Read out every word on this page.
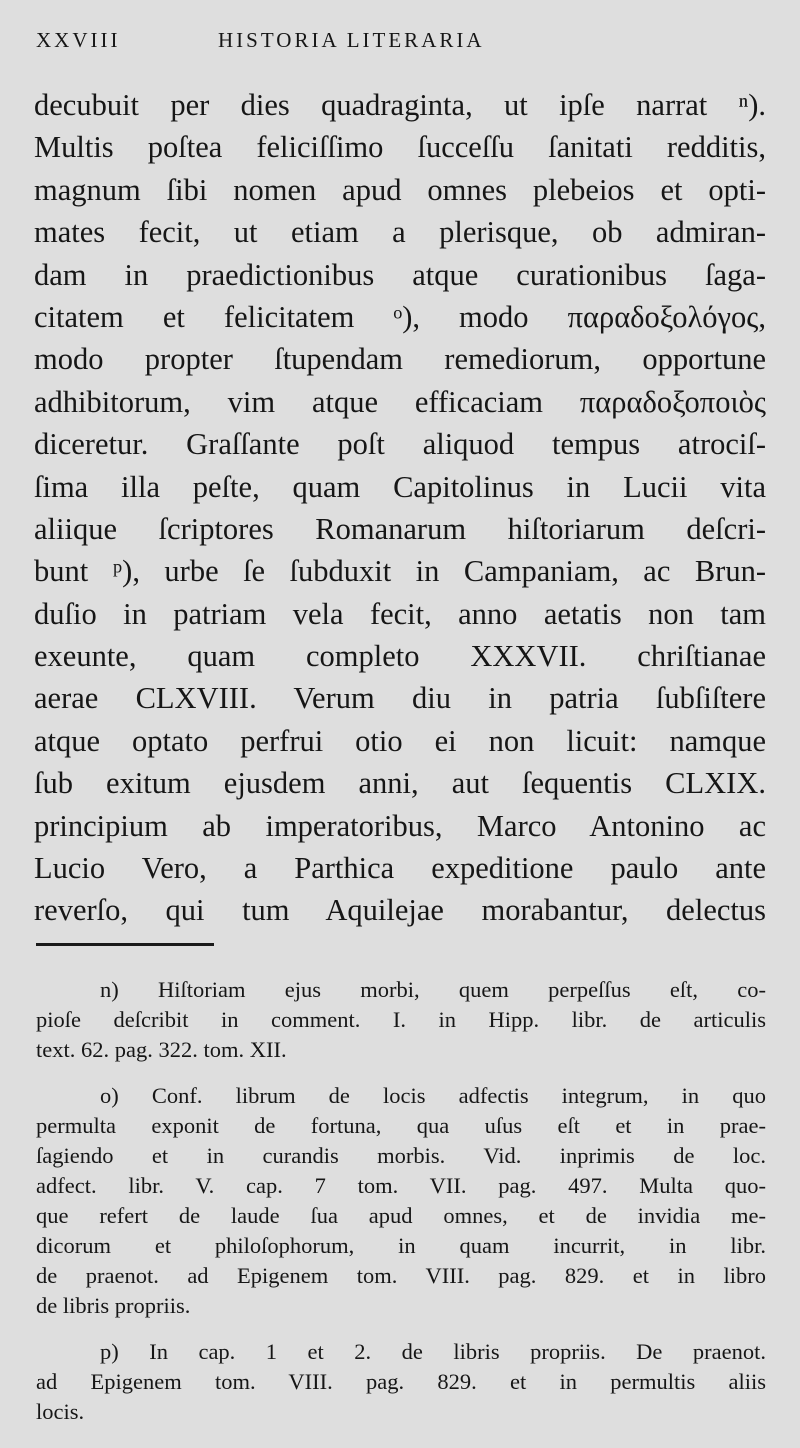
XXVIII	HISTORIA LITERARIA
decubuit per dies quadraginta, ut ipſe narrat ⁿ).
Multis poſtea feliciſſimo ſucceſſu ſanitati redditis,
magnum ſibi nomen apud omnes plebeios et opti-
mates fecit, ut etiam a plerisque, ob admiran-
dam in praedictionibus atque curationibus ſaga-
citatem et felicitatem ᵒ), modo παραδοξολόγος,
modo propter ſtupendam remediorum, opportune
adhibitorum, vim atque efficaciam παραδοξοποιὸς
diceretur. Graſſante poſt aliquod tempus atrociſ-
ſima illa peſte, quam Capitolinus in Lucii vita
aliique ſcriptores Romanarum hiſtoriarum deſcri-
bunt ᵖ), urbe ſe ſubduxit in Campaniam, ac Brun-
duſio in patriam vela fecit, anno aetatis non tam
exeunte, quam completo XXXVII. chriſtianae
aerae CLXVIII. Verum diu in patria ſubſiſtere
atque optato perfrui otio ei non licuit: namque
ſub exitum ejusdem anni, aut ſequentis CLXIX.
principium ab imperatoribus, Marco Antonino ac
Lucio Vero, a Parthica expeditione paulo ante
reverſo, qui tum Aquilejae morabantur, delectus
n) Hiſtoriam ejus morbi, quem perpeſſus eſt, co-
pioſe deſcribit in comment. I. in Hipp. libr. de articulis
text. 62. pag. 322. tom. XII.
o) Conf. librum de locis adfectis integrum, in quo
permulta exponit de fortuna, qua uſus eſt et in prae-
ſagiendo et in curandis morbis. Vid. inprimis de loc.
adfect. libr. V. cap. 7 tom. VII. pag. 497. Multa quo-
que refert de laude ſua apud omnes, et de invidia me-
dicorum et philoſophorum, in quam incurrit, in libr.
de praenot. ad Epigenem tom. VIII. pag. 829. et in libro
de libris propriis.
p) In cap. 1 et 2. de libris propriis. De praenot.
ad Epigenem tom. VIII. pag. 829. et in permultis aliis
locis.
